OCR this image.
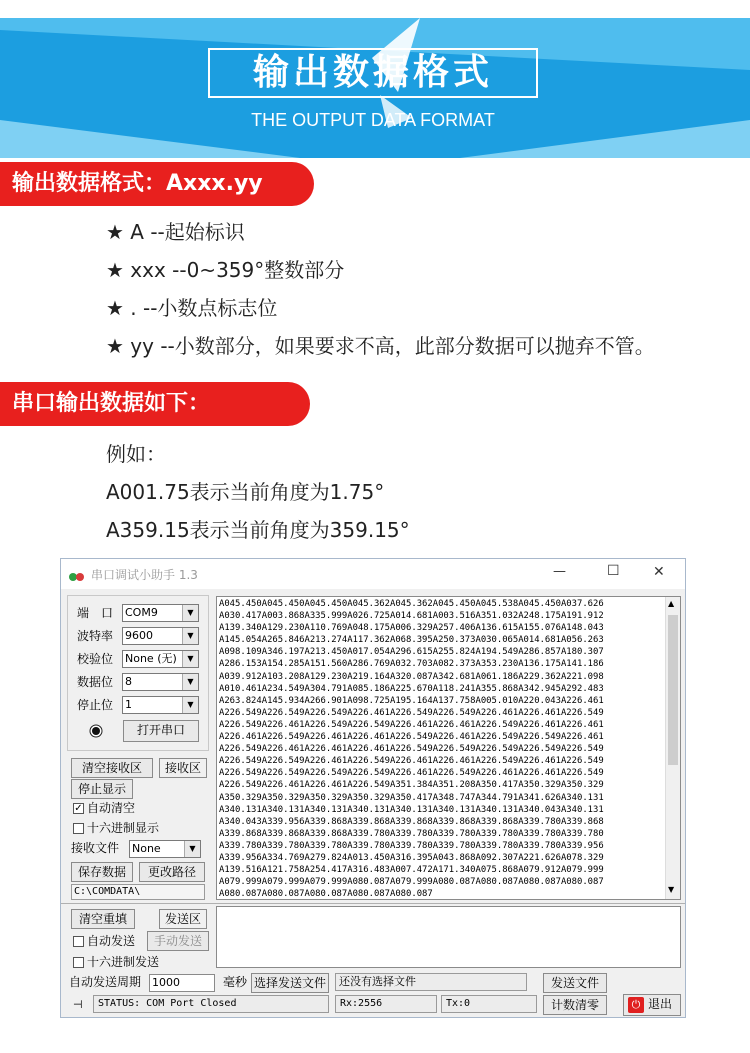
输出数据格式
THE OUTPUT DATA FORMAT
输出数据格式：Axxx.yy
★ A --起始标识
★ xxx --0~359°整数部分
★ . --小数点标志位
★ yy --小数部分，如果要求不高，此部分数据可以抛弃不管。
串口输出数据如下：
例如：
A001.75表示当前角度为1.75°
A359.15表示当前角度为359.15°
串口调试小助手 1.3	—	☐ ✕
端　口 COM9	▼
波特率 9600	▼
校验位 None (无)	▼
数据位 8	▼
停止位 1	▼
打开串口
清空接收区	接收区
停止显示
✓ 自动清空
十六进制显示
接收文件 None	▼
保存数据	更改路径
C:\COMDATA\
A045.450A045.450A045.450A045.362A045.362A045.450A045.538A045.450A037.626
A030.417A003.868A335.999A026.725A014.681A003.516A351.032A248.175A191.912
A139.340A129.230A110.769A048.175A006.329A257.406A136.615A155.076A148.043
A145.054A265.846A213.274A117.362A068.395A250.373A030.065A014.681A056.263
A098.109A346.197A213.450A017.054A296.615A255.824A194.549A286.857A180.307
A286.153A154.285A151.560A286.769A032.703A082.373A353.230A136.175A141.186
A039.912A103.208A129.230A219.164A320.087A342.681A061.186A229.362A221.098
A010.461A234.549A304.791A085.186A225.670A118.241A355.868A342.945A292.483
A263.824A145.934A266.901A098.725A195.164A137.758A005.010A220.043A226.461
A226.549A226.549A226.549A226.461A226.549A226.549A226.461A226.461A226.549
A226.549A226.461A226.549A226.549A226.461A226.461A226.549A226.461A226.461
A226.461A226.549A226.461A226.461A226.549A226.461A226.549A226.549A226.461
A226.549A226.461A226.461A226.461A226.549A226.549A226.549A226.549A226.549
A226.549A226.549A226.461A226.549A226.461A226.461A226.549A226.461A226.549
A226.549A226.549A226.549A226.549A226.461A226.549A226.461A226.461A226.549
A226.549A226.461A226.461A226.549A351.384A351.208A350.417A350.329A350.329
A350.329A350.329A350.329A350.329A350.417A348.747A344.791A341.626A340.131
A340.131A340.131A340.131A340.131A340.131A340.131A340.131A340.043A340.131
A340.043A339.956A339.868A339.868A339.868A339.868A339.868A339.780A339.868
A339.868A339.868A339.868A339.780A339.780A339.780A339.780A339.780A339.780
A339.780A339.780A339.780A339.780A339.780A339.780A339.780A339.780A339.956
A339.956A334.769A279.824A013.450A316.395A043.868A092.307A221.626A078.329
A139.516A121.758A254.417A316.483A007.472A171.340A075.868A079.912A079.999
A079.999A079.999A079.999A080.087A079.999A080.087A080.087A080.087A080.087
A080.087A080.087A080.087A080.087A080.087
▲
▼
清空重填	发送区
自动发送	手动发送
十六进制发送
自动发送周期 1000	毫秒 选择发送文件	还没有选择文件	发送文件
⊣	STATUS: COM Port Closed	Rx:2556	Tx:0	计数清零	⏻ 退出
